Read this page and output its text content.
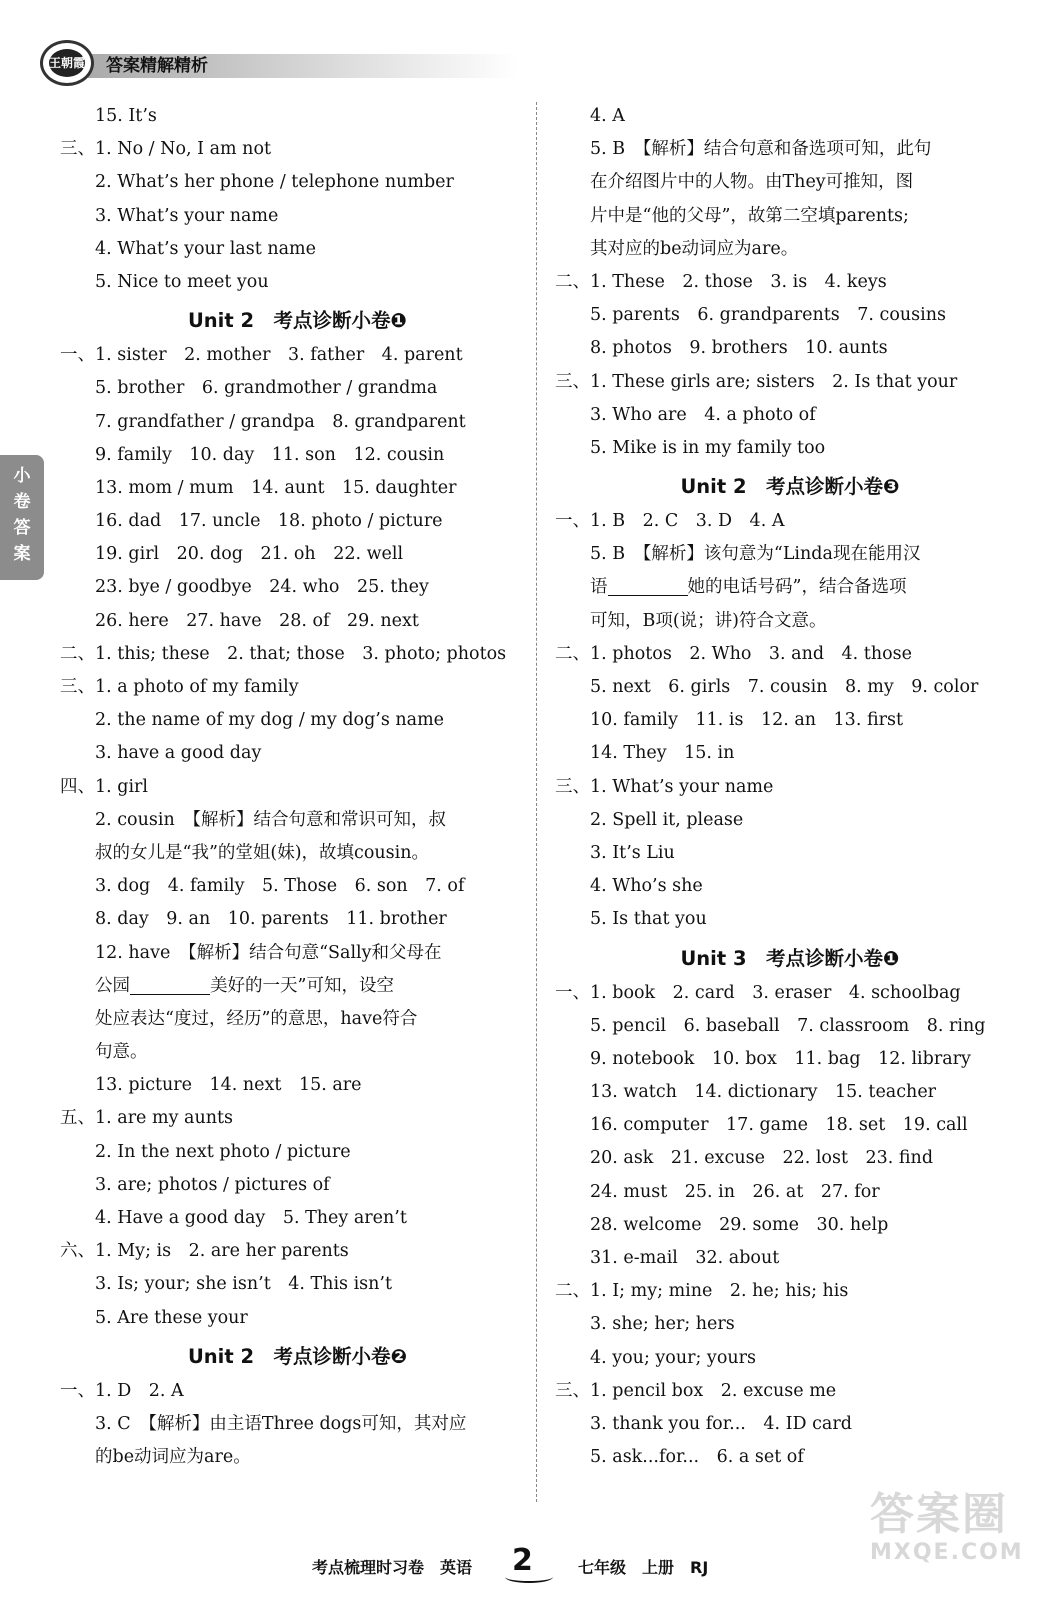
王朝霞 答案精解精析
小
卷
答
案
15. It’s
三、1. No / No, I am not
2. What’s her phone / telephone number
3. What’s your name
4. What’s your last name
5. Nice to meet you
Unit 2　考点诊断小卷❶
一、1. sister　2. mother　3. father　4. parent
5. brother　6. grandmother / grandma
7. grandfather / grandpa　8. grandparent
9. family　10. day　11. son　12. cousin
13. mom / mum　14. aunt　15. daughter
16. dad　17. uncle　18. photo / picture
19. girl　20. dog　21. oh　22. well
23. bye / goodbye　24. who　25. they
26. here　27. have　28. of　29. next
二、1. this; these　2. that; those　3. photo; photos
三、1. a photo of my family
2. the name of my dog / my dog’s name
3. have a good day
四、1. girl
2. cousin　【解析】结合句意和常识可知，叔
叔的女儿是“我”的堂姐(妹)，故填cousin。
3. dog　4. family　5. Those　6. son　7. of
8. day　9. an　10. parents　11. brother
12. have　【解析】结合句意“Sally和父母在
公园	美好的一天”可知，设空
处应表达“度过，经历”的意思，have符合
句意。
13. picture　14. next　15. are
五、1. are my aunts
2. In the next photo / picture
3. are; photos / pictures of
4. Have a good day　5. They aren’t
六、1. My; is　2. are her parents
3. Is; your; she isn’t　4. This isn’t
5. Are these your
Unit 2　考点诊断小卷❷
一、1. D　2. A
3. C　【解析】由主语Three dogs可知，其对应
的be动词应为are。
4. A
5. B　【解析】结合句意和备选项可知，此句
在介绍图片中的人物。由They可推知，图
片中是“他的父母”，故第二空填parents;
其对应的be动词应为are。
二、1. These　2. those　3. is　4. keys
5. parents　6. grandparents　7. cousins
8. photos　9. brothers　10. aunts
三、1. These girls are; sisters　2. Is that your
3. Who are　4. a photo of
5. Mike is in my family too
Unit 2　考点诊断小卷❸
一、1. B　2. C　3. D　4. A
5. B　【解析】该句意为“Linda现在能用汉
语	她的电话号码”，结合备选项
可知，B项(说；讲)符合文意。
二、1. photos　2. Who　3. and　4. those
5. next　6. girls　7. cousin　8. my　9. color
10. family　11. is　12. an　13. first
14. They　15. in
三、1. What’s your name
2. Spell it, please
3. It’s Liu
4. Who’s she
5. Is that you
Unit 3　考点诊断小卷❶
一、1. book　2. card　3. eraser　4. schoolbag
5. pencil　6. baseball　7. classroom　8. ring
9. notebook　10. box　11. bag　12. library
13. watch　14. dictionary　15. teacher
16. computer　17. game　18. set　19. call
20. ask　21. excuse　22. lost　23. find
24. must　25. in　26. at　27. for
28. welcome　29. some　30. help
31. e-mail　32. about
二、1. I; my; mine　2. he; his; his
3. she; her; hers
4. you; your; yours
三、1. pencil box　2. excuse me
3. thank you for...　4. ID card
5. ask...for...　6. a set of
考点梳理时习卷　英语 2	七年级　上册　RJ
答案圈
MXQE.COM
